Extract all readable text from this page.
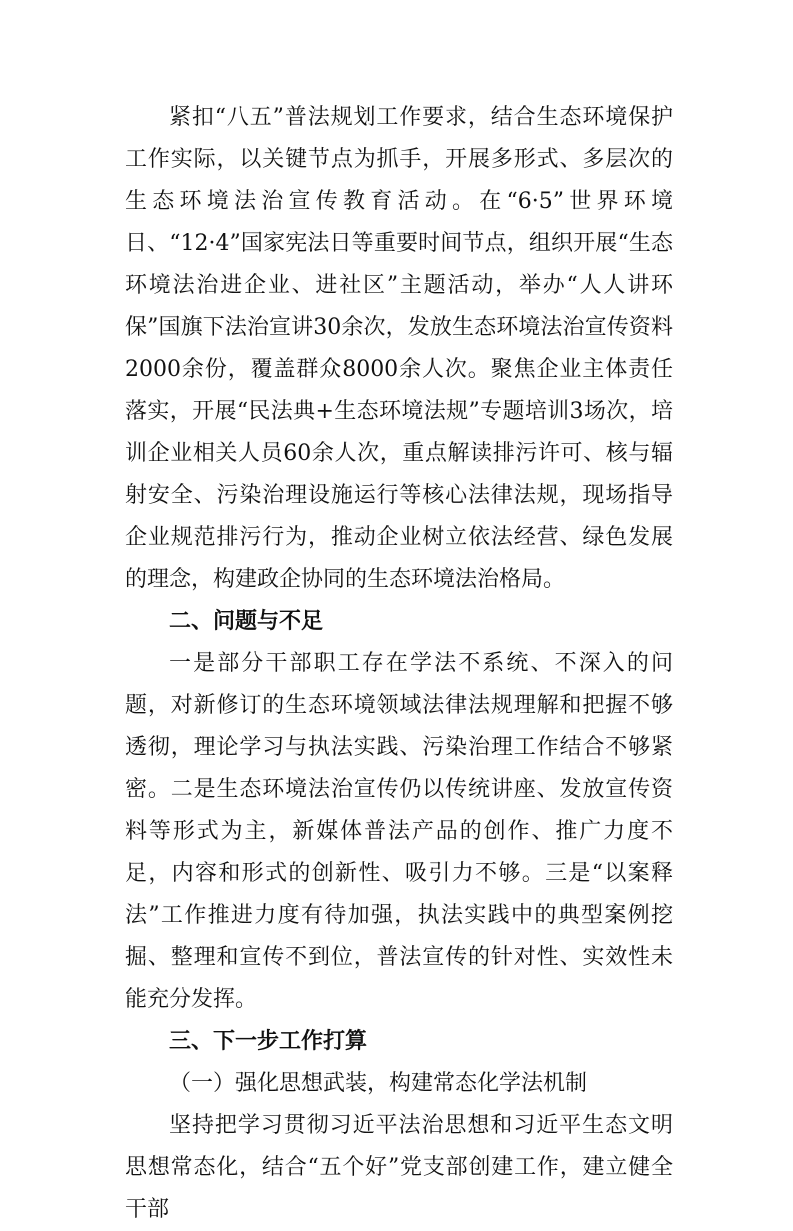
紧扣“八五”普法规划工作要求，结合生态环境保护工作实际，以关键节点为抓手，开展多形式、多层次的生态环境法治宣传教育活动。在“6·5”世界环境日、“12·4”国家宪法日等重要时间节点，组织开展“生态环境法治进企业、进社区”主题活动，举办“人人讲环保”国旗下法治宣讲30余次，发放生态环境法治宣传资料2000余份，覆盖群众8000余人次。聚焦企业主体责任落实，开展“民法典+生态环境法规”专题培训3场次，培训企业相关人员60余人次，重点解读排污许可、核与辐射安全、污染治理设施运行等核心法律法规，现场指导企业规范排污行为，推动企业树立依法经营、绿色发展的理念，构建政企协同的生态环境法治格局。

二、问题与不足

一是部分干部职工存在学法不系统、不深入的问题，对新修订的生态环境领域法律法规理解和把握不够透彻，理论学习与执法实践、污染治理工作结合不够紧密。二是生态环境法治宣传仍以传统讲座、发放宣传资料等形式为主，新媒体普法产品的创作、推广力度不足，内容和形式的创新性、吸引力不够。三是“以案释法”工作推进力度有待加强，执法实践中的典型案例挖掘、整理和宣传不到位，普法宣传的针对性、实效性未能充分发挥。

三、下一步工作打算

（一）强化思想武装，构建常态化学法机制

坚持把学习贯彻习近平法治思想和习近平生态文明思想常态化，结合“五个好”党支部创建工作，建立健全干部
